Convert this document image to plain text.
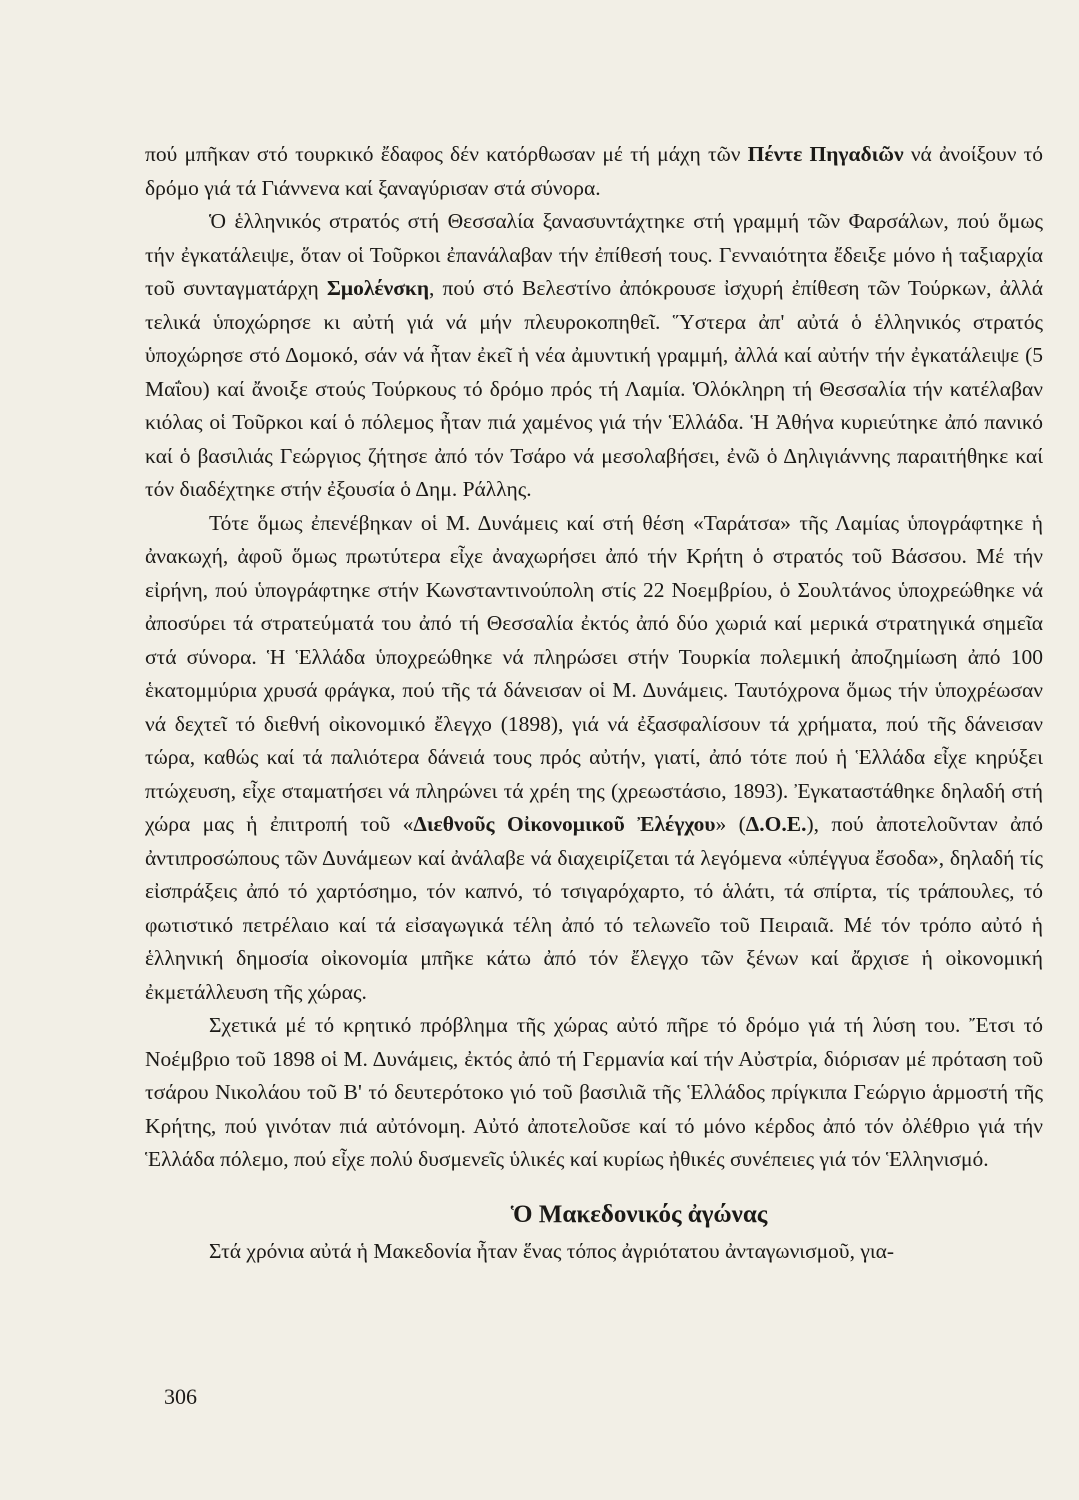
πού μπῆκαν στό τουρκικό ἔδαφος δέν κατόρθωσαν μέ τή μάχη τῶν Πέντε Πηγαδιῶν νά ἀνοίξουν τό δρόμο γιά τά Γιάννενα καί ξαναγύρισαν στά σύνορα.

Ὁ ἑλληνικός στρατός στή Θεσσαλία ξανασυντάχτηκε στή γραμμή τῶν Φαρσάλων, πού ὅμως τήν ἐγκατάλειψε, ὅταν οἱ Τοῦρκοι ἐπανάλαβαν τήν ἐπίθεσή τους. Γενναιότητα ἔδειξε μόνο ἡ ταξιαρχία τοῦ συνταγματάρχη Σμολένσκη, πού στό Βελεστίνο ἀπόκρουσε ἰσχυρή ἐπίθεση τῶν Τούρκων, ἀλλά τελικά ὑποχώρησε κι αὐτή γιά νά μήν πλευροκοπηθεῖ. Ὕστερα ἀπ' αὐτά ὁ ἑλληνικός στρατός ὑποχώρησε στό Δομοκό, σάν νά ἦταν ἐκεῖ ἡ νέα ἀμυντική γραμμή, ἀλλά καί αὐτήν τήν ἐγκατάλειψε (5 Μαΐου) καί ἄνοιξε στούς Τούρκους τό δρόμο πρός τή Λαμία. Ὁλόκληρη τή Θεσσαλία τήν κατέλαβαν κιόλας οἱ Τοῦρκοι καί ὁ πόλεμος ἦταν πιά χαμένος γιά τήν Ἑλλάδα. Ἡ Ἀθήνα κυριεύτηκε ἀπό πανικό καί ὁ βασιλιάς Γεώργιος ζήτησε ἀπό τόν Τσάρο νά μεσολαβήσει, ἐνῶ ὁ Δηλιγιάννης παραιτήθηκε καί τόν διαδέχτηκε στήν ἐξουσία ὁ Δημ. Ράλλης.

Τότε ὅμως ἐπενέβηκαν οἱ Μ. Δυνάμεις καί στή θέση «Ταράτσα» τῆς Λαμίας ὑπογράφτηκε ἡ ἀνακωχή, ἀφοῦ ὅμως πρωτύτερα εἶχε ἀναχωρήσει ἀπό τήν Κρήτη ὁ στρατός τοῦ Βάσσου. Μέ τήν εἰρήνη, πού ὑπογράφτηκε στήν Κωνσταντινούπολη στίς 22 Νοεμβρίου, ὁ Σουλτάνος ὑποχρεώθηκε νά ἀποσύρει τά στρατεύματά του ἀπό τή Θεσσαλία ἐκτός ἀπό δύο χωριά καί μερικά στρατηγικά σημεῖα στά σύνορα. Ἡ Ἑλλάδα ὑποχρεώθηκε νά πληρώσει στήν Τουρκία πολεμική ἀποζημίωση ἀπό 100 ἑκατομμύρια χρυσά φράγκα, πού τῆς τά δάνεισαν οἱ Μ. Δυνάμεις. Ταυτόχρονα ὅμως τήν ὑποχρέωσαν νά δεχτεῖ τό διεθνή οἰκονομικό ἔλεγχο (1898), γιά νά ἐξασφαλίσουν τά χρήματα, πού τῆς δάνεισαν τώρα, καθώς καί τά παλιότερα δάνειά τους πρός αὐτήν, γιατί, ἀπό τότε πού ἡ Ἑλλάδα εἶχε κηρύξει πτώχευση, εἶχε σταματήσει νά πληρώνει τά χρέη της (χρεωστάσιο, 1893). Ἐγκαταστάθηκε δηλαδή στή χώρα μας ἡ ἐπιτροπή τοῦ «Διεθνοῦς Οἰκονομικοῦ Ἐλέγχου» (Δ.Ο.Ε.), πού ἀποτελοῦνταν ἀπό ἀντιπροσώπους τῶν Δυνάμεων καί ἀνάλαβε νά διαχειρίζεται τά λεγόμενα «ὑπέγγυα ἔσοδα», δηλαδή τίς εἰσπράξεις ἀπό τό χαρτόσημο, τόν καπνό, τό τσιγαρόχαρτο, τό ἁλάτι, τά σπίρτα, τίς τράπουλες, τό φωτιστικό πετρέλαιο καί τά εἰσαγωγικά τέλη ἀπό τό τελωνεῖο τοῦ Πειραιᾶ. Μέ τόν τρόπο αὐτό ἡ ἑλληνική δημοσία οἰκονομία μπῆκε κάτω ἀπό τόν ἔλεγχο τῶν ξένων καί ἄρχισε ἡ οἰκονομική ἐκμετάλλευση τῆς χώρας.

Σχετικά μέ τό κρητικό πρόβλημα τῆς χώρας αὐτό πῆρε τό δρόμο γιά τή λύση του. Ἔτσι τό Νοέμβριο τοῦ 1898 οἱ Μ. Δυνάμεις, ἐκτός ἀπό τή Γερμανία καί τήν Αὐστρία, διόρισαν μέ πρόταση τοῦ τσάρου Νικολάου τοῦ Β' τό δευτερότοκο γιό τοῦ βασιλιᾶ τῆς Ἑλλάδος πρίγκιπα Γεώργιο ἁρμοστή τῆς Κρήτης, πού γινόταν πιά αὐτόνομη. Αὐτό ἀποτελοῦσε καί τό μόνο κέρδος ἀπό τόν ὀλέθριο γιά τήν Ἑλλάδα πόλεμο, πού εἶχε πολύ δυσμενεῖς ὑλικές καί κυρίως ἠθικές συνέπειες γιά τόν Ἑλληνισμό.

Ὁ Μακεδονικός ἀγώνας

Στά χρόνια αὐτά ἡ Μακεδονία ἦταν ἕνας τόπος ἀγριότατου ἀνταγωνισμοῦ, για-

306
